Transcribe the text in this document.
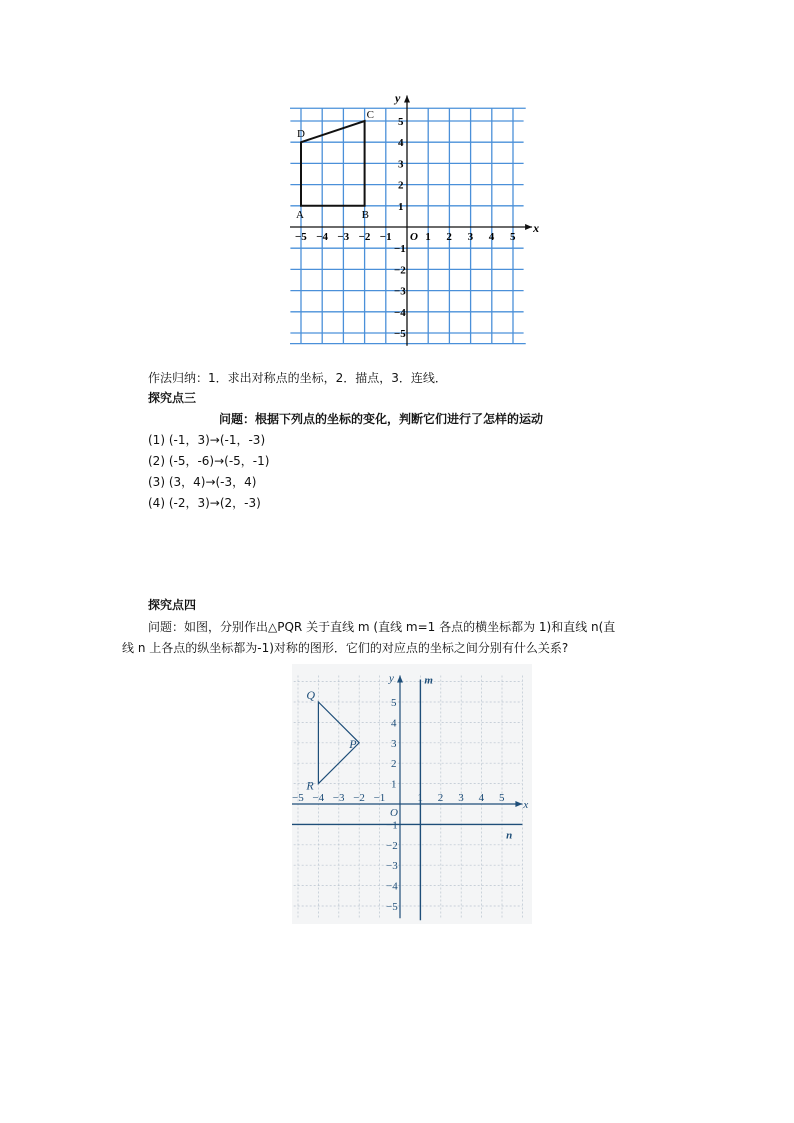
x
y
O
−5 −4 −3 −2 −1	1 2 3 4 5
5
4
3
2
1
−1
−2
−3
−4
−5
A	B
C
D
作法归纳：1．求出对称点的坐标，2．描点，3．连线．
探究点三
问题：根据下列点的坐标的变化，判断它们进行了怎样的运动
(1) (-1，3)→(-1，-3)
(2) (-5，-6)→(-5，-1)
(3) (3，4)→(-3，4)
(4) (-2，3)→(2，-3)
探究点四
问题：如图，分别作出△PQR 关于直线 m (直线 m=1 各点的横坐标都为 1)和直线 n(直
线 n 上各点的纵坐标都为-1)对称的图形．它们的对应点的坐标之间分别有什么关系?
x
y
O
m
n
−5 −4 −3 −2 −1	1 2 3 4 5
5
4
3
2
1
−1
−2
−3
−4
−5
Q
P
R
